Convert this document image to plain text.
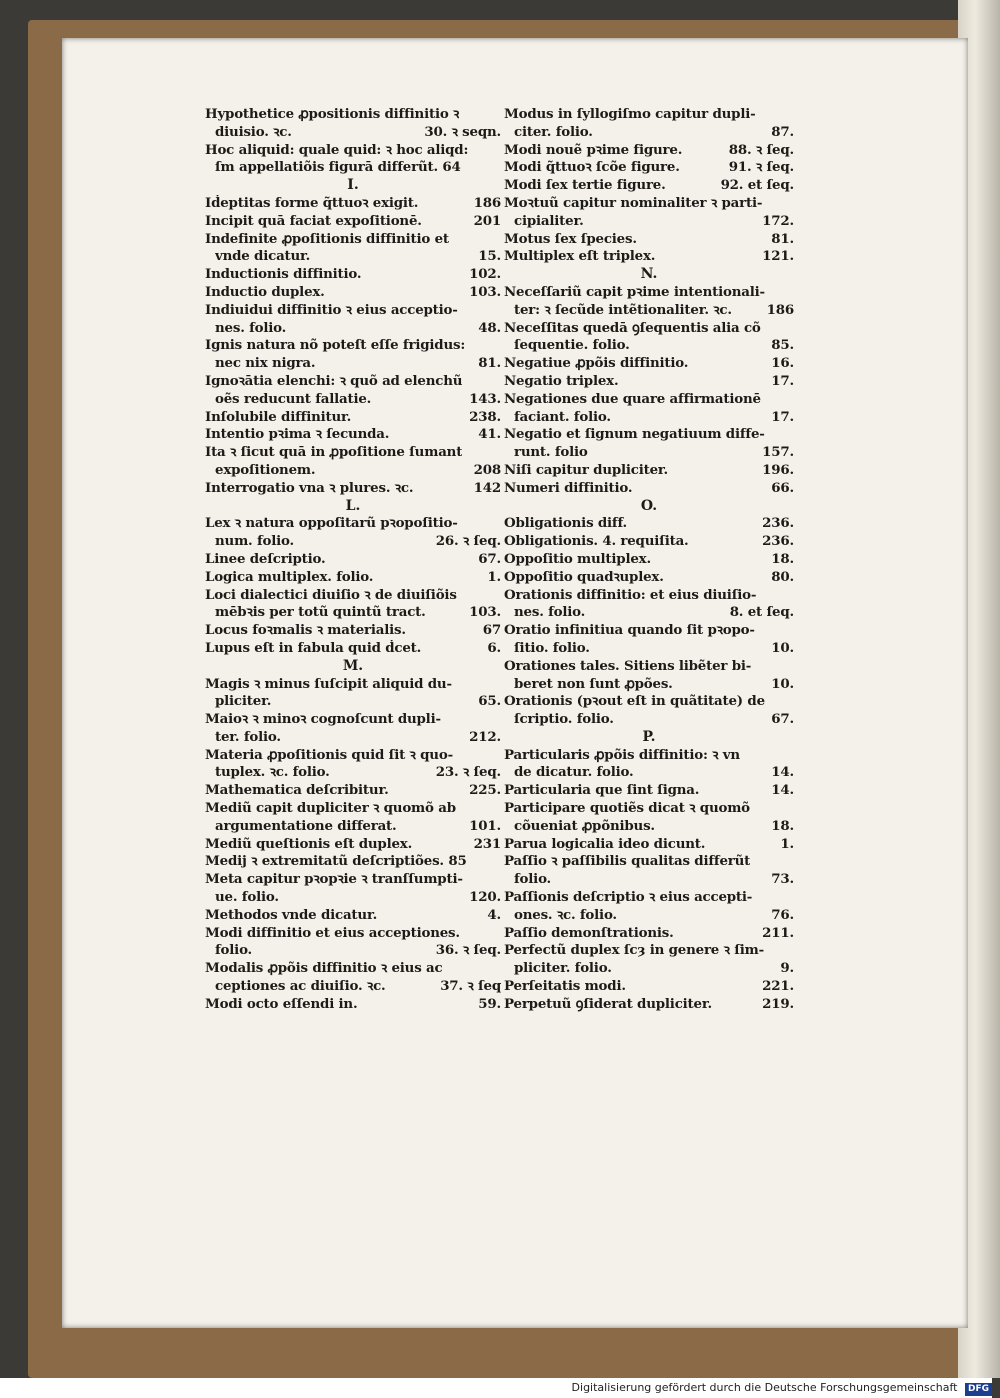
Hypothetice ꝓpositionis diffinitio ꝛ
diuisio. ꝛc.	30. ꝛ seqn.
Hoc aliquid: quale quid: ꝛ hoc aliqd:
ſm appellatiõis figurā differũt. 64
I.
Iḋeptitas forme q̃ttuoꝛ exigit.	186
Incipit quā faciat expoſitionē.	201
Indefinite ꝓpoſitionis diffinitio et
vnde dicatur.	15.
Inductionis diffinitio.	102.
Inductio duplex.	103.
Indiuidui diffinitio ꝛ eius acceptio-
nes. folio.	48.
Ignis natura nõ poteſt eſſe frigidus:
nec nix nigra.	81.
Ignoꝛātia elenchi: ꝛ quõ ad elenchũ
oẽs reducunt fallatie.	143.
Inſolubile diffinitur.	238.
Intentio pꝛima ꝛ ſecunda.	41.
Ita ꝛ ſicut quā in ꝓpoſitione ſumant
expoſitionem.	208
Interrogatio vna ꝛ plures. ꝛc.	142
L.
Lex ꝛ natura oppoſitarũ pꝛopoſitio-
num. folio.	26. ꝛ ſeq.
Linee deſcriptio.	67.
Logica multiplex. folio.	1.
Loci dialectici diuiſio ꝛ de diuiſiõis
mēbꝛis per totũ quintũ tract.	103.
Locus foꝛmalis ꝛ materialis.	67
Lupus eſt in fabula quid ḋcet.	6.
M.
Magis ꝛ minus ſuſcipit aliquid du-
pliciter.	65.
Maioꝛ ꝛ minoꝛ cognoſcunt dupli-
ter. folio.	212.
Materia ꝓpoſitionis quid ſit ꝛ quo-
tuplex. ꝛc. folio.	23. ꝛ ſeq.
Mathematica deſcribitur.	225.
Mediũ capit dupliciter ꝛ quomõ ab
argumentatione differat.	101.
Mediũ queſtionis eſt duplex.	231
Medij ꝛ extremitatũ deſcriptiões. 85
Meta capitur pꝛopꝛie ꝛ tranſſumpti-
ue. folio.	120.
Methodos vnde dicatur.	4.
Modi diffinitio et eius acceptiones.
folio.	36. ꝛ ſeq.
Modalis ꝓpõis diffinitio ꝛ eius ac
ceptiones ac diuiſio. ꝛc.	37. ꝛ ſeq
Modi octo eſſendi in.	59.
Modus in ſyllogiſmo capitur dupli-
citer. folio.	87.
Modi nouẽ pꝛime figure.	88. ꝛ ſeq.
Modi q̃ttuoꝛ ſcõe figure.	91. ꝛ ſeq.
Modi ſex tertie figure.	92. et ſeq.
Moꝛtuũ capitur nominaliter ꝛ parti-
cipialiter.	172.
Motus ſex ſpecies.	81.
Multiplex eſt triplex.	121.
N.
Neceſſariũ capit pꝛime intentionali-
ter: ꝛ ſecũde intẽtionaliter. ꝛc.	186
Neceſſitas quedā ꝯſequentis alia cõ
ſequentie. folio.	85.
Negatiue ꝓpõis diffinitio.	16.
Negatio triplex.	17.
Negationes due quare affirmationē
faciant. folio.	17.
Negatio et ſignum negatiuum diffe-
runt. folio	157.
Niſi capitur dupliciter.	196.
Numeri diffinitio.	66.
O.
Obligationis diff.	236.
Obligationis. 4. requiſita.	236.
Oppoſitio multiplex.	18.
Oppoſitio quadꝛuplex.	80.
Orationis diffinitio: et eius diuiſio-
nes. folio.	8. et ſeq.
Oratio infinitiua quando ſit pꝛopo-
ſitio. folio.	10.
Orationes tales. Sitiens libẽter bi-
beret non ſunt ꝓpões.	10.
Orationis (pꝛout eſt in quãtitate) de
ſcriptio. folio.	67.
P.
Particularis ꝓpõis diffinitio: ꝛ vn
de dicatur. folio.	14.
Particularia que ſint ſigna.	14.
Participare quotiẽs dicat ꝛ quomõ
cõueniat ꝓpõnibus.	18.
Parua logicalia ideo dicunt.	1.
Paſſio ꝛ paſſibilis qualitas differũt
folio.	73.
Paſſionis deſcriptio ꝛ eius accepti-
ones. ꝛc. folio.	76.
Paſſio demonſtrationis.	211.
Perfectũ duplex ſcȝ in genere ꝛ ſim-
pliciter. folio.	9.
Perſeitatis modi.	221.
Perpetuũ ꝯſiderat dupliciter.	219.
Digitalisierung gefördert durch die Deutsche Forschungsgemeinschaft DFG
